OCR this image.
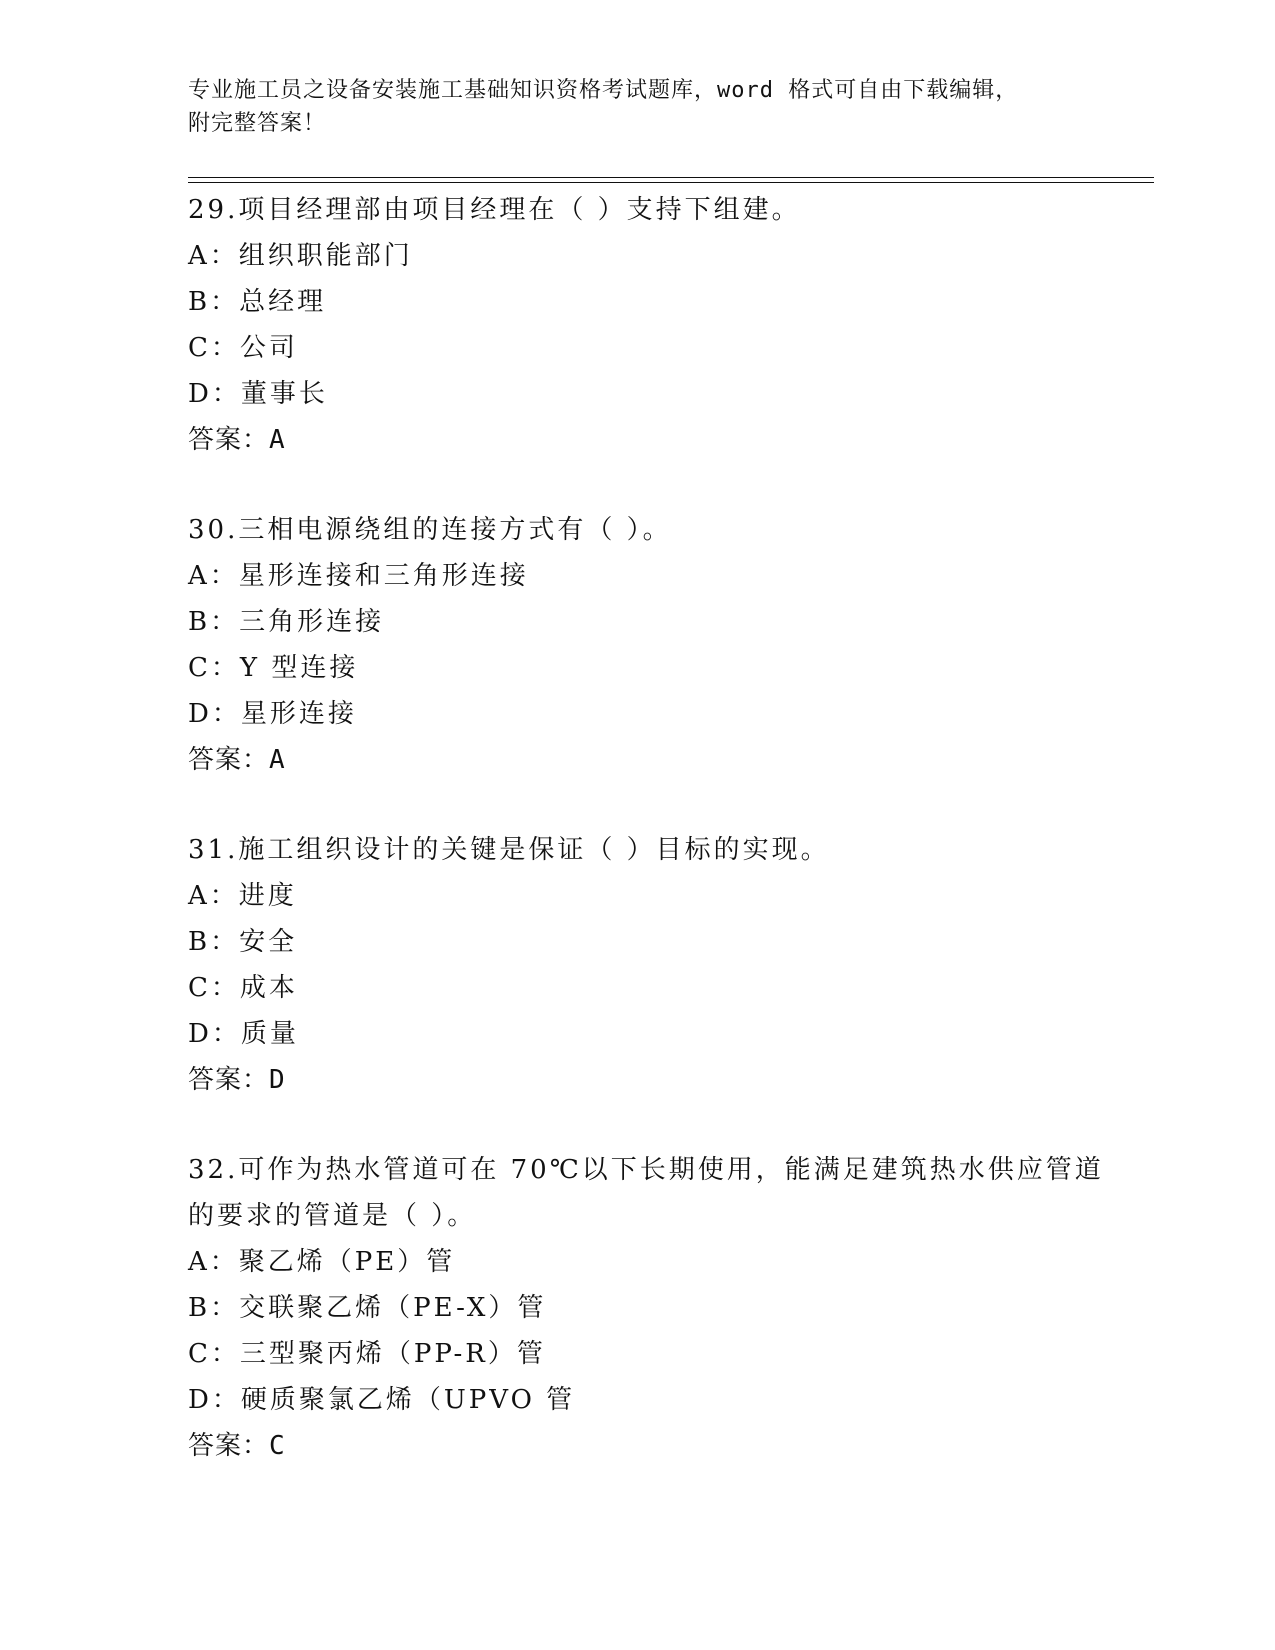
专业施工员之设备安装施工基础知识资格考试题库，word 格式可自由下载编辑，
附完整答案！
29.项目经理部由项目经理在（ ）支持下组建。
A：组织职能部门
B：总经理
C：公司
D：董事长
答案：A
30.三相电源绕组的连接方式有（ ）。
A：星形连接和三角形连接
B：三角形连接
C：Y 型连接
D：星形连接
答案：A
31.施工组织设计的关键是保证（ ）目标的实现。
A：进度
B：安全
C：成本
D：质量
答案：D
32.可作为热水管道可在 70℃以下长期使用，能满足建筑热水供应管道的要求的管道是（ ）。
A：聚乙烯（PE）管
B：交联聚乙烯（PE-X）管
C：三型聚丙烯（PP-R）管
D：硬质聚氯乙烯（UPVO 管
答案：C
